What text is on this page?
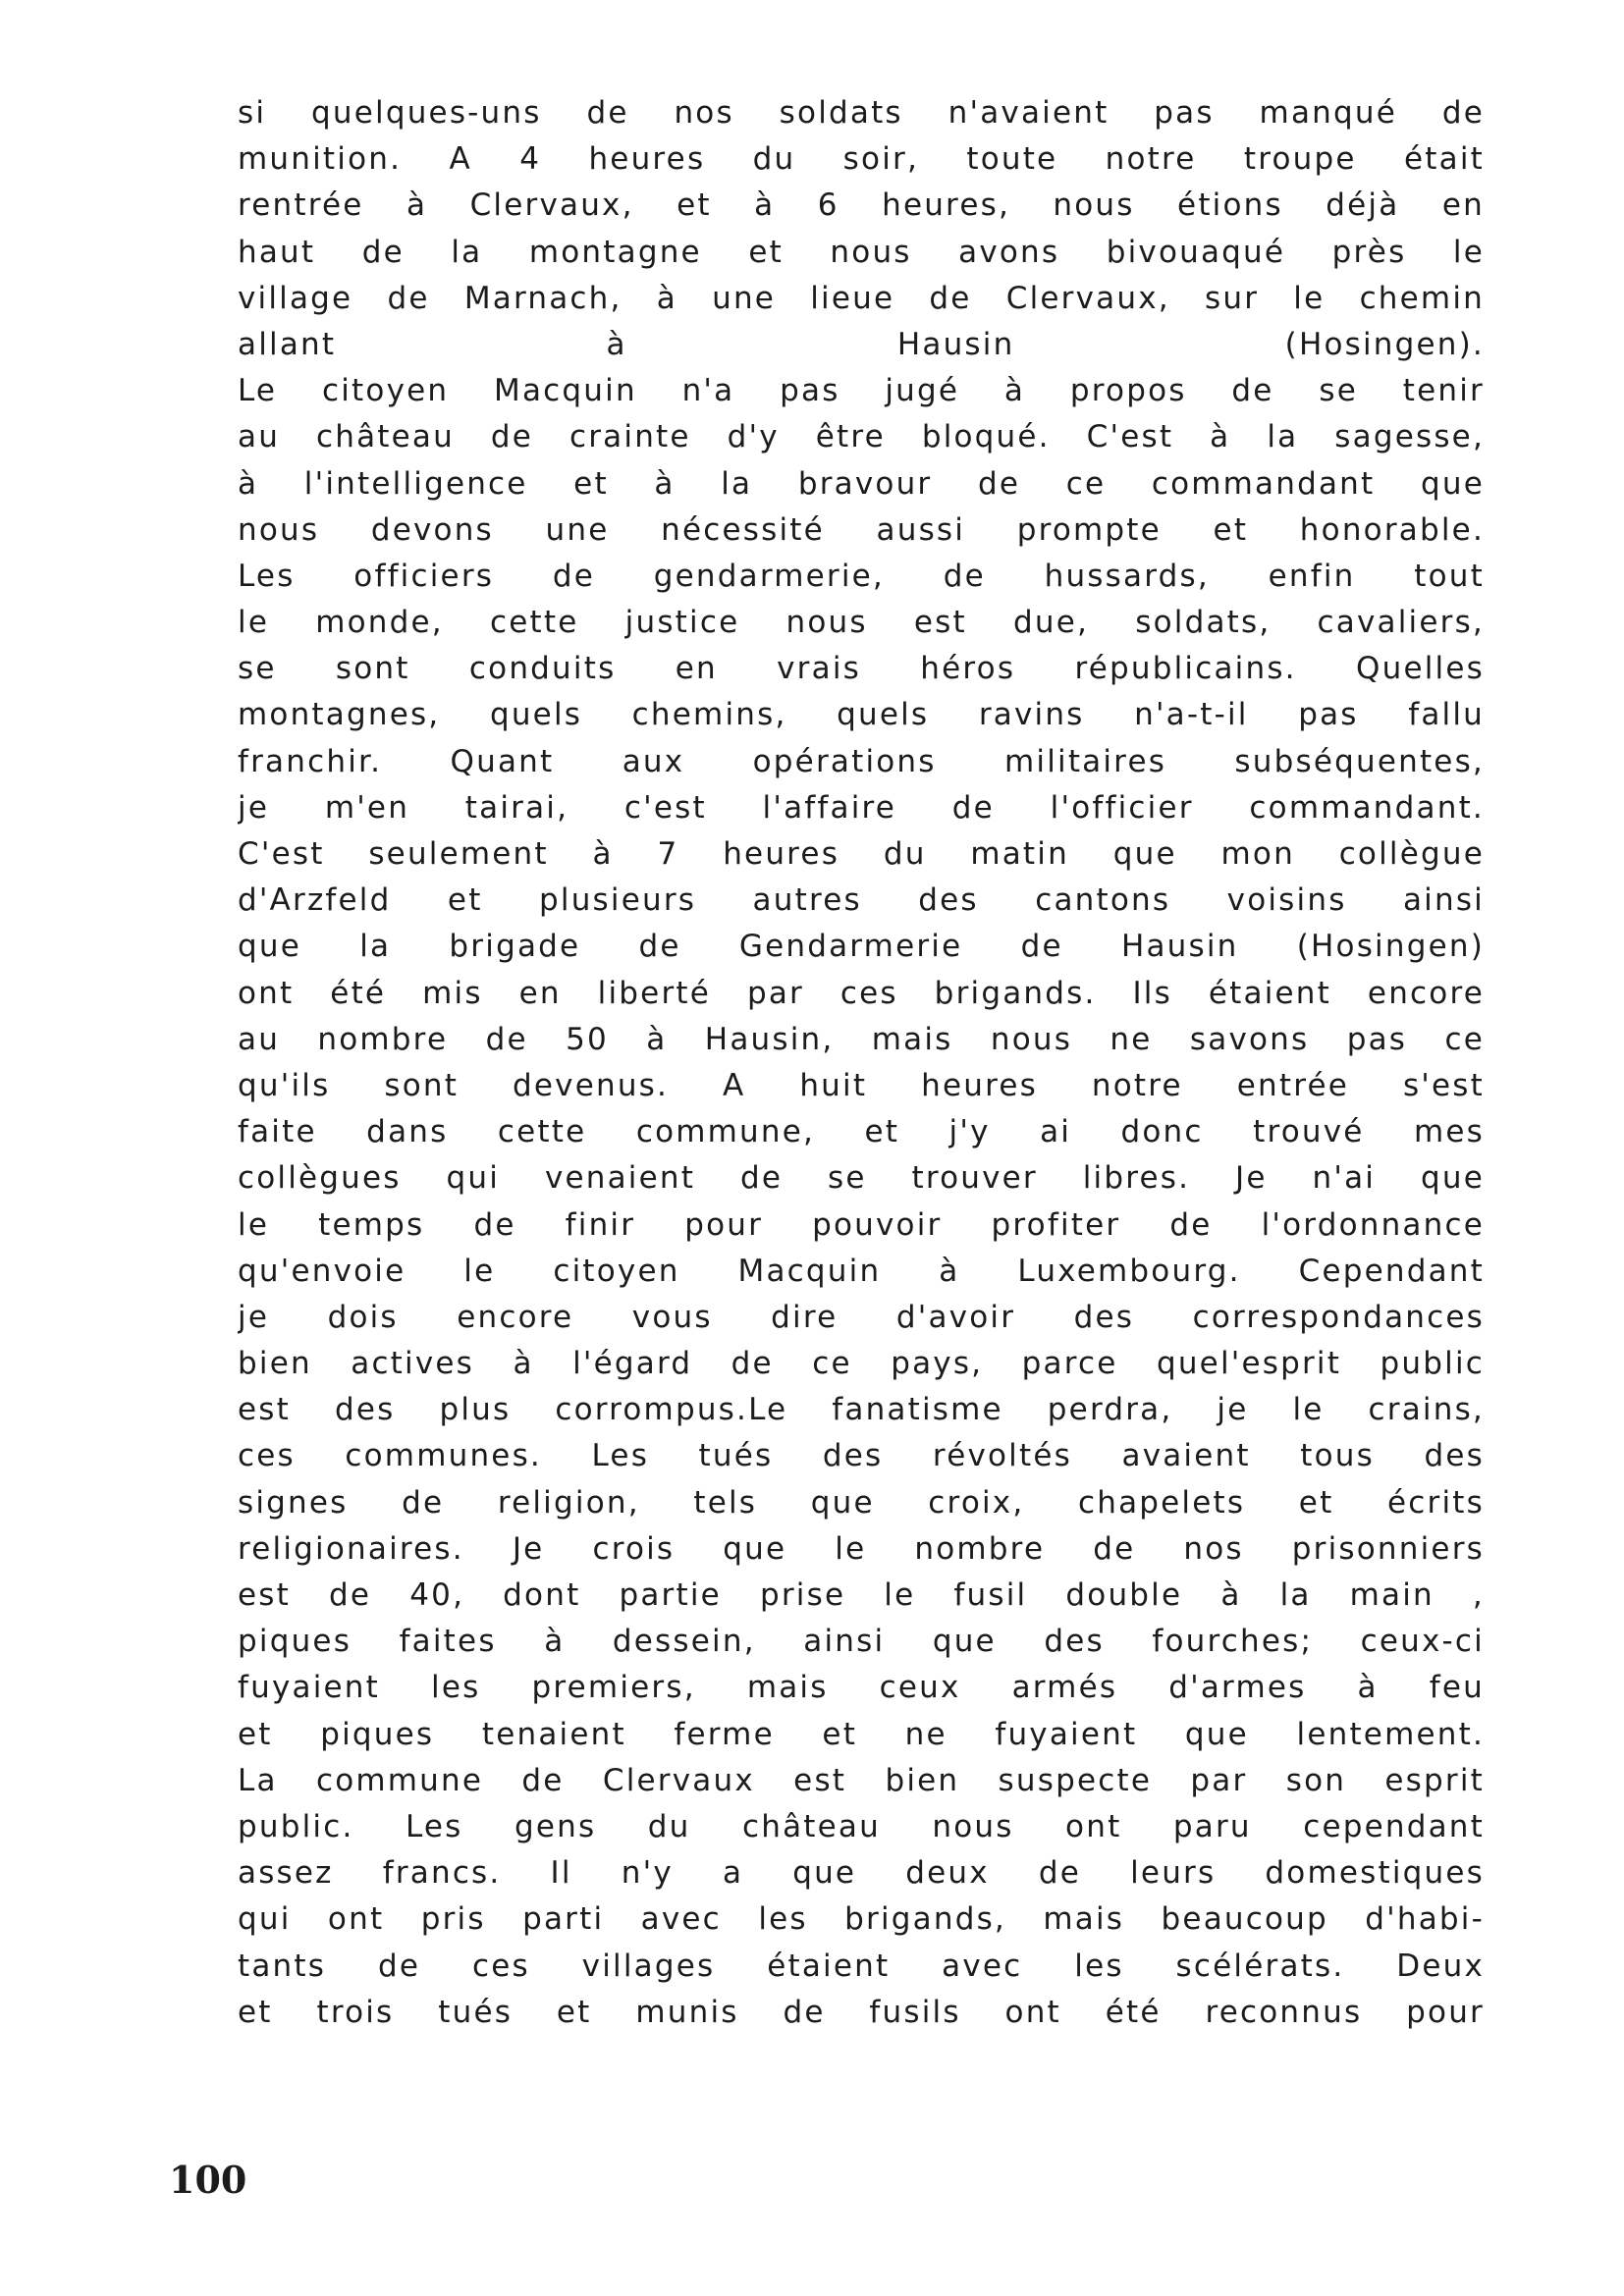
si quelques-uns de nos soldats n'avaient pas manqué de
munition. A 4 heures du soir, toute notre troupe était
rentrée à Clervaux, et à 6 heures, nous étions déjà en
haut de la montagne et nous avons bivouaqué près le
village de Marnach, à une lieue de Clervaux, sur le chemin
allant à Hausin (Hosingen).
Le citoyen Macquin n'a pas jugé à propos de se tenir
au château de crainte d'y être bloqué. C'est à la sagesse,
à l'intelligence et à la bravour de ce commandant que
nous devons une nécessité aussi prompte et honorable.
Les officiers de gendarmerie, de hussards, enfin tout
le monde, cette justice nous est due, soldats, cavaliers,
se sont conduits en vrais héros républicains. Quelles
montagnes, quels chemins, quels ravins n'a-t-il pas fallu
franchir. Quant aux opérations militaires subséquentes,
je m'en tairai, c'est l'affaire de l'officier commandant.
C'est seulement à 7 heures du matin que mon collègue
d'Arzfeld et plusieurs autres des cantons voisins ainsi
que la brigade de Gendarmerie de Hausin (Hosingen)
ont été mis en liberté par ces brigands. Ils étaient encore
au nombre de 50 à Hausin, mais nous ne savons pas ce
qu'ils sont devenus. A huit heures notre entrée s'est
faite dans cette commune, et j'y ai donc trouvé mes
collègues qui venaient de se trouver libres. Je n'ai que
le temps de finir pour pouvoir profiter de l'ordonnance
qu'envoie le citoyen Macquin à Luxembourg. Cependant
je dois encore vous dire d'avoir des correspondances
bien actives à l'égard de ce pays, parce quel'esprit public
est des plus corrompus.Le fanatisme perdra, je le crains,
ces communes. Les tués des révoltés avaient tous des
signes de religion, tels que croix, chapelets et écrits
religionaires. Je crois que le nombre de nos prisonniers
est de 40, dont partie prise le fusil double à la main ,
piques faites à dessein, ainsi que des fourches; ceux-ci
fuyaient les premiers, mais ceux armés d'armes à feu
et piques tenaient ferme et ne fuyaient que lentement.
La commune de Clervaux est bien suspecte par son esprit
public. Les gens du château nous ont paru cependant
assez francs. Il n'y a que deux de leurs domestiques
qui ont pris parti avec les brigands, mais beaucoup d'habi-
tants de ces villages étaient avec les scélérats. Deux
et trois tués et munis de fusils ont été reconnus pour
100
